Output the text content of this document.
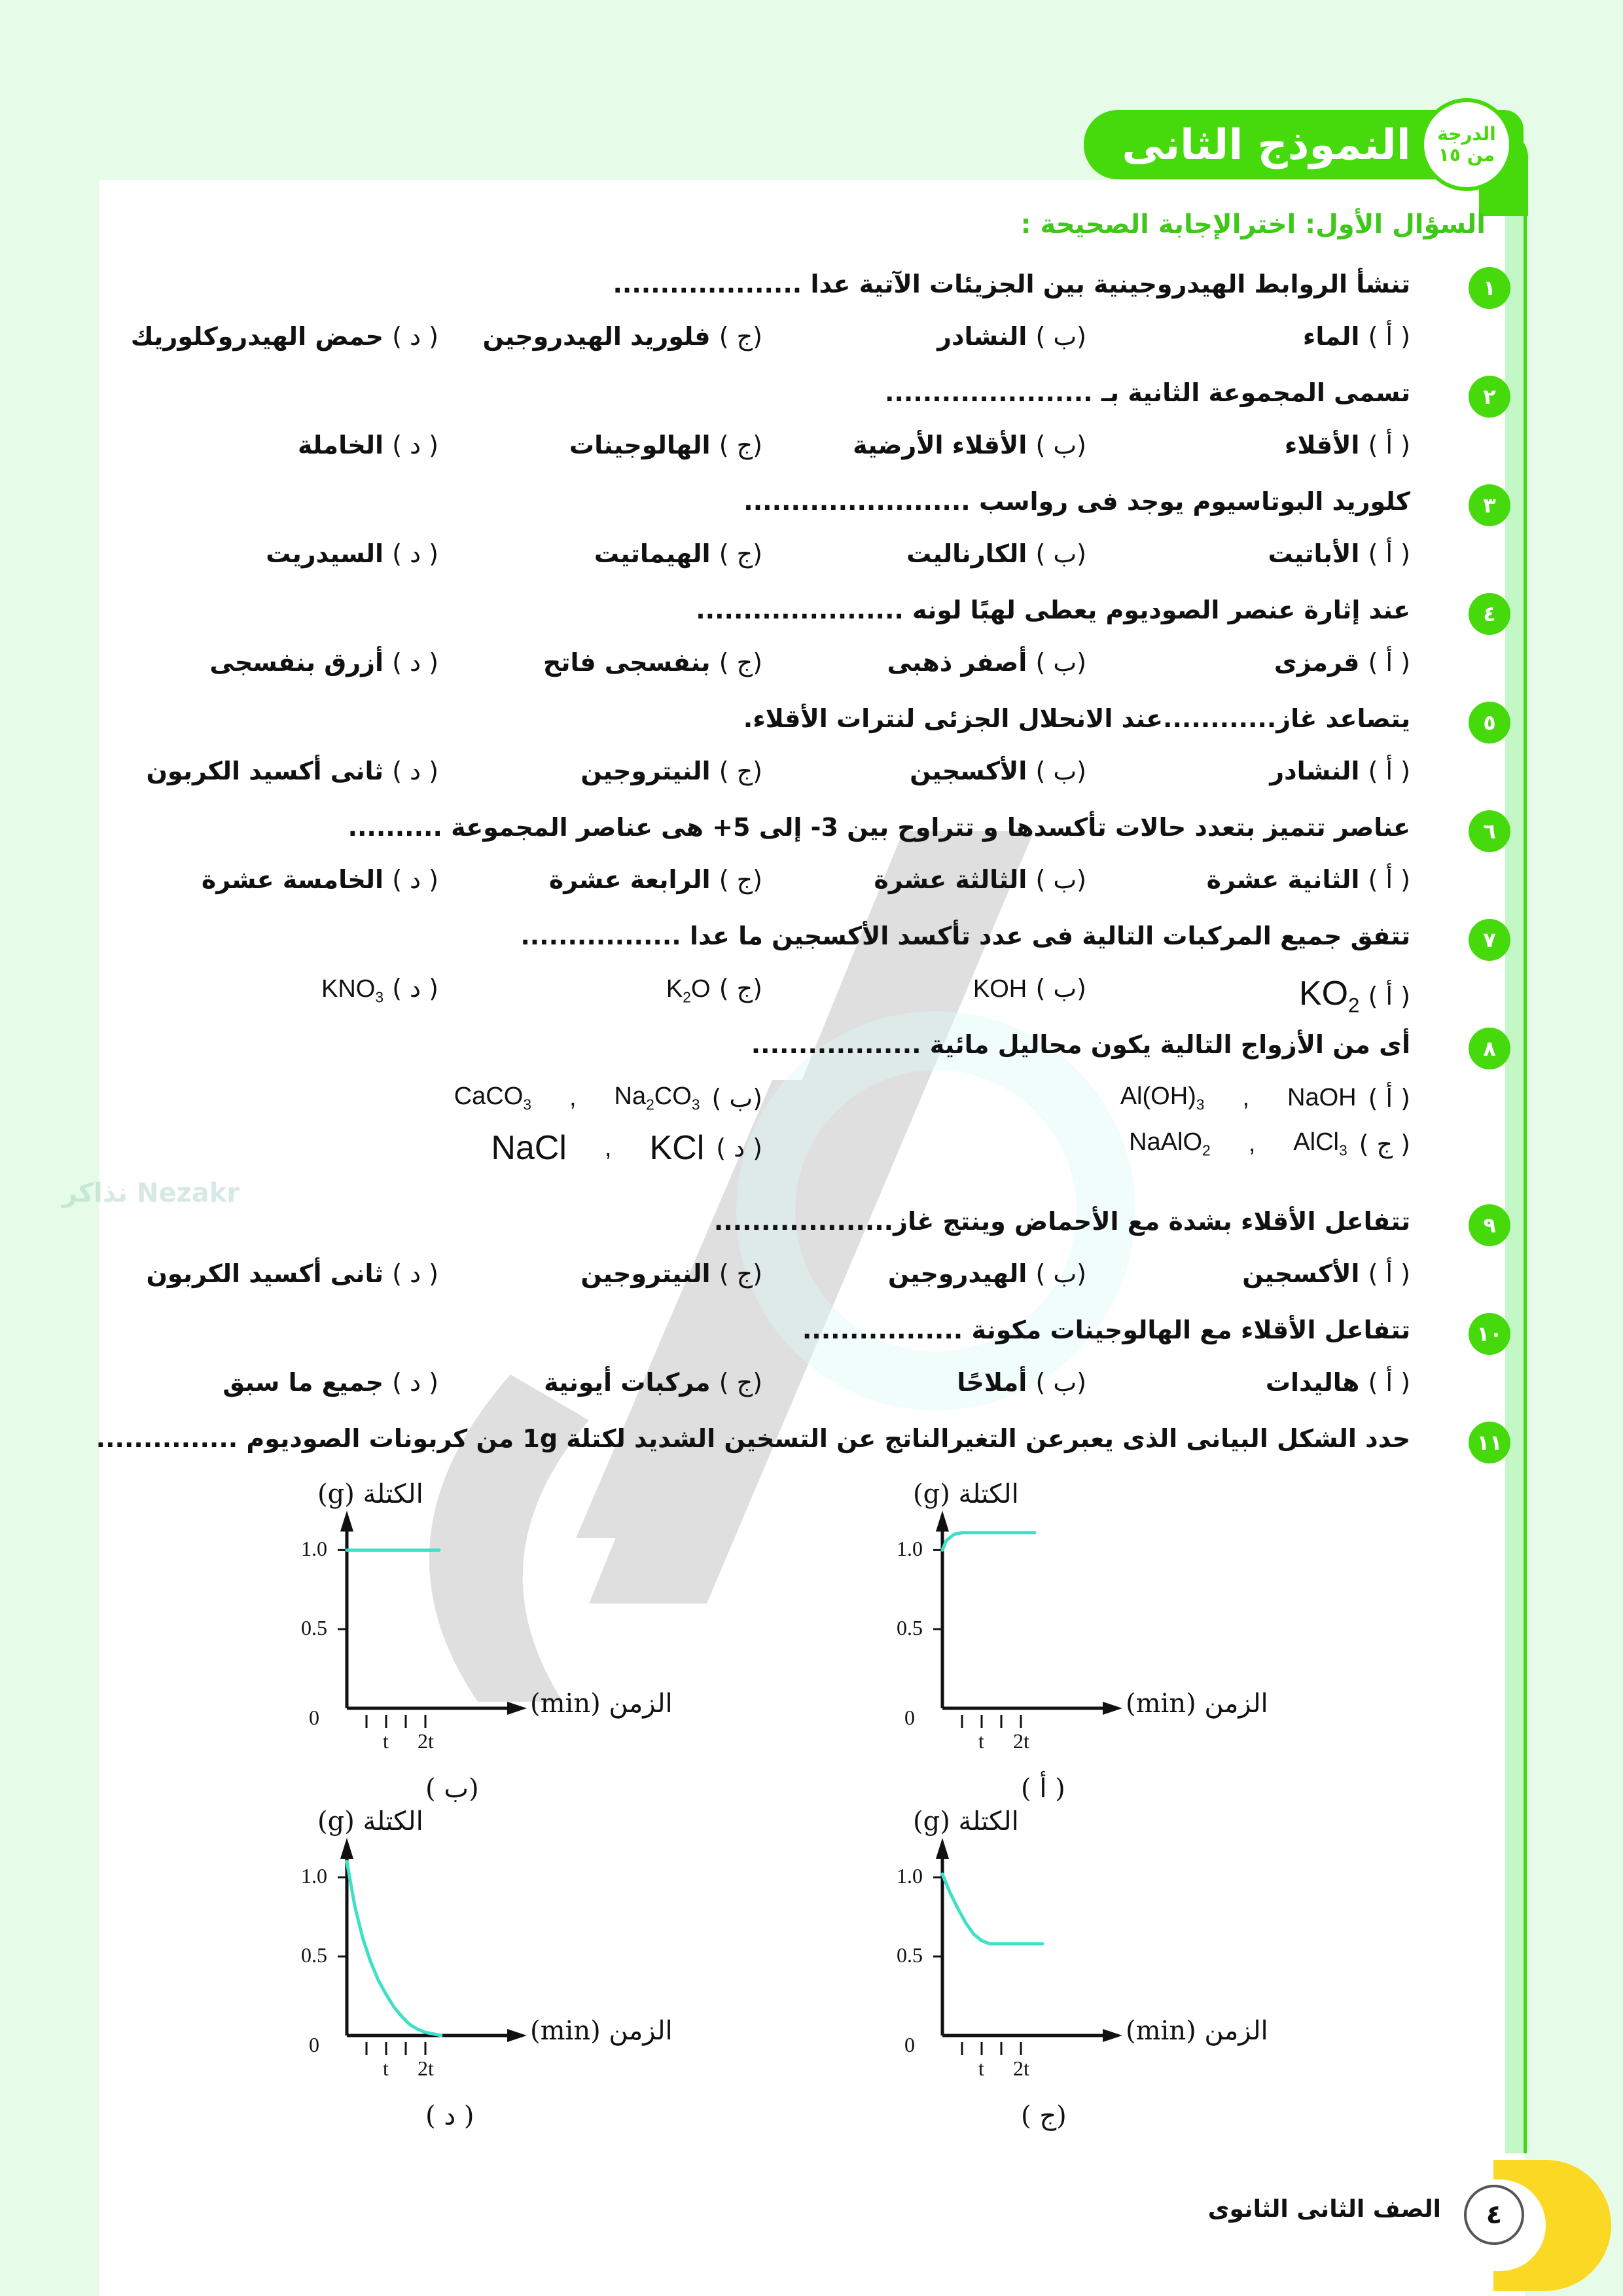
Nezakr نذاكر
النموذج الثانى	الدرجة
من ١٥
السؤال الأول: اخترالإجابة الصحيحة :
١
تنشأ الروابط الهيدروجينية بين الجزيئات الآتية عدا ....................
( أ ) الماء
(ب ) النشادر
(ج ) فلوريد الهيدروجين
( د ) حمض الهيدروكلوريك
٢
تسمى المجموعة الثانية بـ ......................
( أ ) الأقلاء
(ب ) الأقلاء الأرضية
(ج ) الهالوجينات
( د ) الخاملة
٣
كلوريد البوتاسيوم يوجد فى رواسب ........................
( أ ) الأباتيت
(ب ) الكارناليت
(ج ) الهيماتيت
( د ) السيدريت
٤
عند إثارة عنصر الصوديوم يعطى لهبًا لونه ......................
( أ ) قرمزى
(ب ) أصفر ذهبى
(ج ) بنفسجى فاتح
( د ) أزرق بنفسجى
٥
يتصاعد غاز............عند الانحلال الجزئى لنترات الأقلاء.
( أ ) النشادر
(ب ) الأكسجين
(ج ) النيتروجين
( د ) ثانى أكسيد الكربون
٦
عناصر تتميز بتعدد حالات تأكسدها و تتراوح بين 3- إلى 5+ هى عناصر المجموعة ..........
( أ ) الثانية عشرة
(ب ) الثالثة عشرة
(ج ) الرابعة عشرة
( د ) الخامسة عشرة
٧
تتفق جميع المركبات التالية فى عدد تأكسد الأكسجين ما عدا .................
( أ ) $KO_2$
(ب ) KOH
(ج ) $K_2O$
( د ) $KNO_3$
٨
أى من الأزواج التالية يكون محاليل مائية ..................
( أ )
NaOH
,
$Al(OH)_3$
(ب )
$Na_2CO_3$
,
CaCO$_3$
( ج )
AlCl$_3$
,
NaAlO$_2$
( د )
KCl
,
NaCl
٩
تتفاعل الأقلاء بشدة مع الأحماض وينتج غاز...................
( أ ) الأكسجين
(ب ) الهيدروجين
(ج ) النيتروجين
( د ) ثانى أكسيد الكربون
١٠
تتفاعل الأقلاء مع الهالوجينات مكونة .................
( أ ) هاليدات
(ب ) أملاحًا
(ج ) مركبات أيونية
( د ) جميع ما سبق
١١
حدد الشكل البيانى الذى يعبرعن التغيرالناتج عن التسخين الشديد لكتلة 1g من كربونات الصوديوم ...............
الكتلة (g)
الزمن (min)
0
0.5
1.0
t 2t
( أ )
الكتلة (g)
الزمن (min)
0
0.5
1.0
t 2t
(ب )
الكتلة (g)
الزمن (min)
0
0.5
1.0
t 2t
(ج )
الكتلة (g)
الزمن (min)
0
0.5
1.0
t 2t
( د )
٤
الصف الثانى الثانوى
